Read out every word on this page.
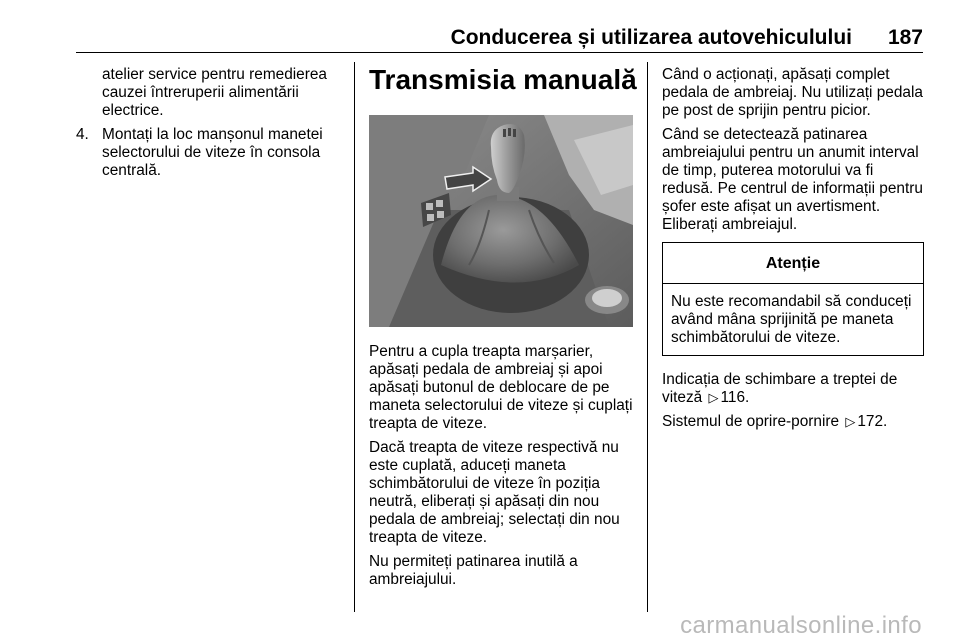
Conducerea și utilizarea autovehiculului 187

atelier service pentru remedierea cauzei întreruperii alimentării electrice.

4. Montați la loc manșonul manetei selectorului de viteze în consola centrală.

Transmisia manuală

Pentru a cupla treapta marșarier, apăsați pedala de ambreiaj și apoi apăsați butonul de deblocare de pe maneta selectorului de viteze și cuplați treapta de viteze.

Dacă treapta de viteze respectivă nu este cuplată, aduceți maneta schimbătorului de viteze în poziția neutră, eliberați și apăsați din nou pedala de ambreiaj; selectați din nou treapta de viteze.

Nu permiteți patinarea inutilă a ambreiajului.

Când o acționați, apăsați complet pedala de ambreiaj. Nu utilizați pedala pe post de sprijin pentru picior.

Când se detectează patinarea ambreiajului pentru un anumit interval de timp, puterea motorului va fi redusă. Pe centrul de informații pentru șofer este afișat un avertisment. Eliberați ambreiajul.

Atenție

Nu este recomandabil să conduceți având mâna sprijinită pe maneta schimbătorului de viteze.

Indicația de schimbare a treptei de viteză ▷ 116.

Sistemul de oprire-pornire ▷ 172.

carmanualsonline.info
